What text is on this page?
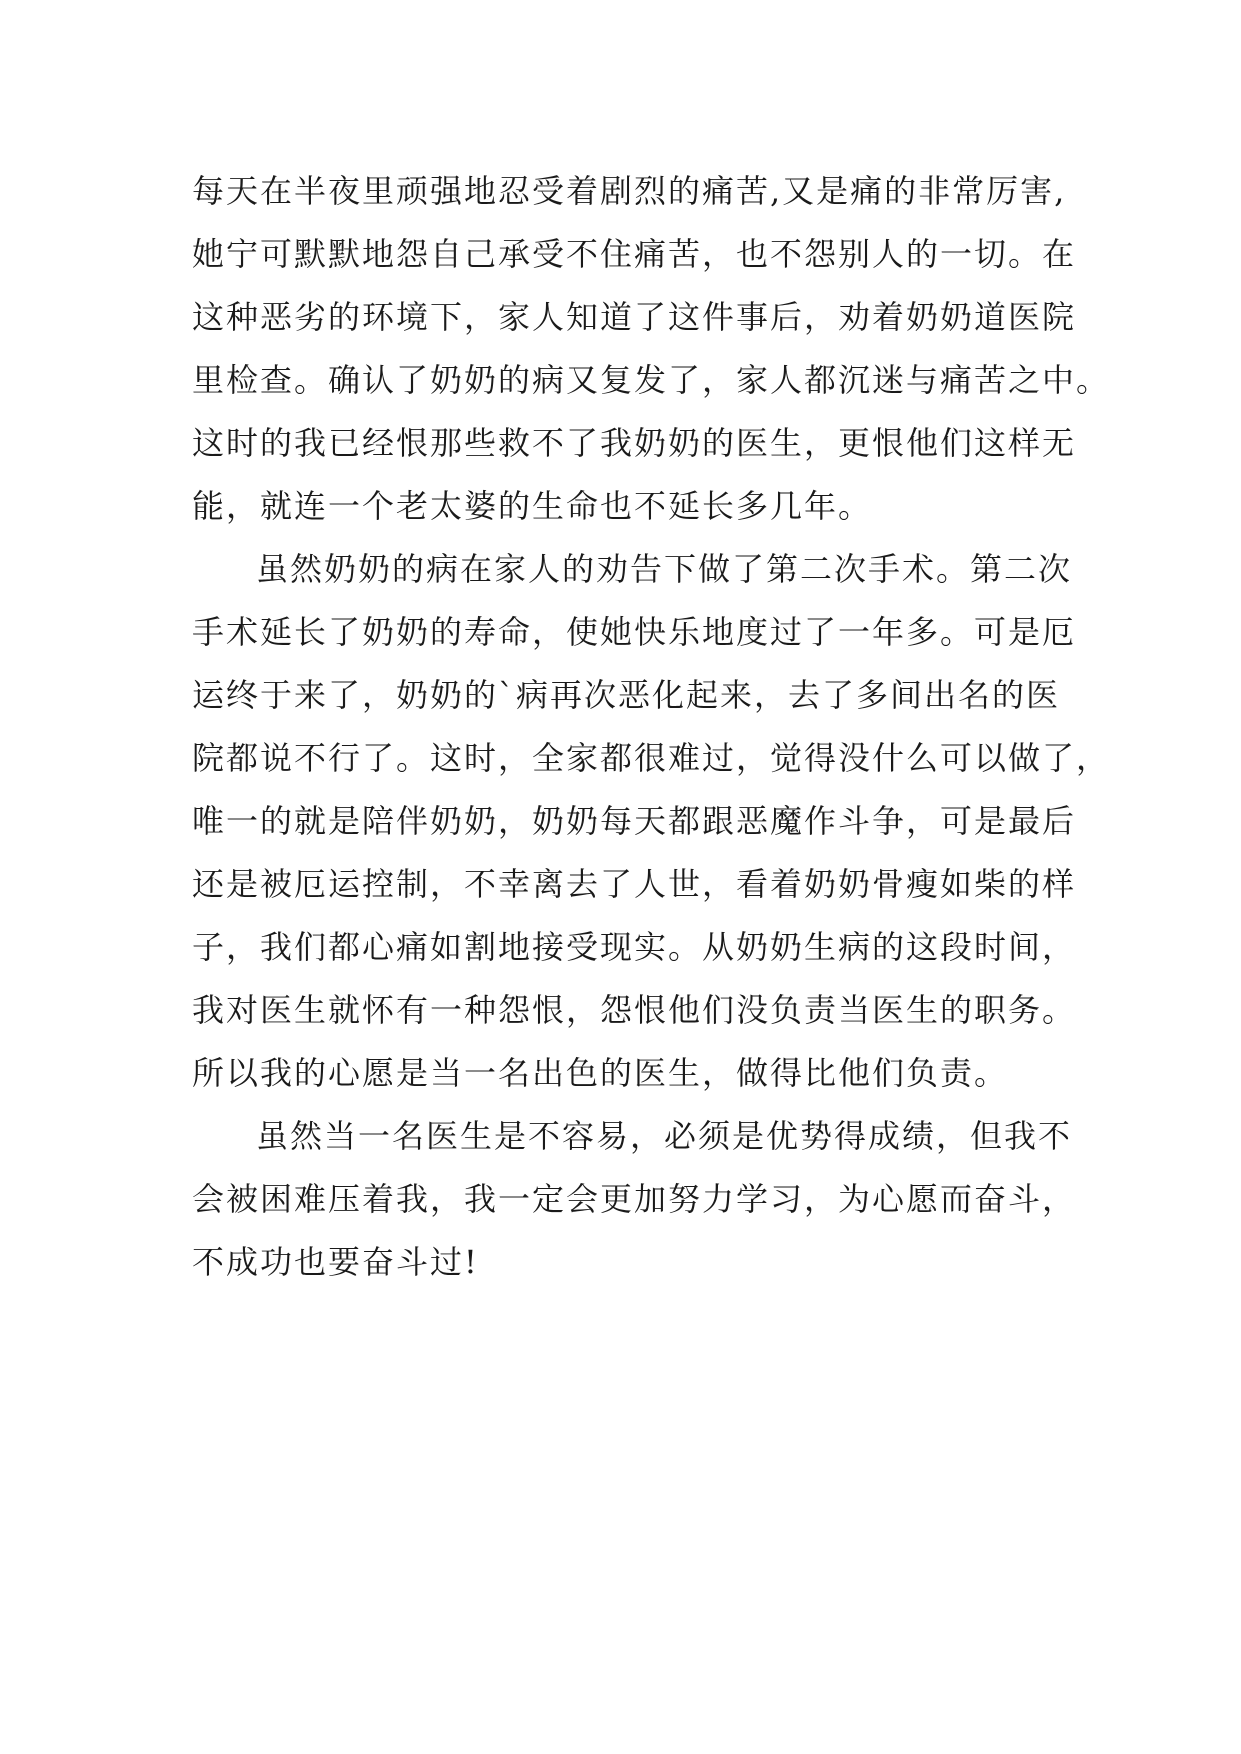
每天在半夜里顽强地忍受着剧烈的痛苦,又是痛的非常厉害,
她宁可默默地怨自己承受不住痛苦，也不怨别人的一切。在
这种恶劣的环境下，家人知道了这件事后，劝着奶奶道医院
里检查。确认了奶奶的病又复发了，家人都沉迷与痛苦之中。
这时的我已经恨那些救不了我奶奶的医生，更恨他们这样无
能，就连一个老太婆的生命也不延长多几年。
虽然奶奶的病在家人的劝告下做了第二次手术。第二次
手术延长了奶奶的寿命，使她快乐地度过了一年多。可是厄
运终于来了，奶奶的`病再次恶化起来，去了多间出名的医
院都说不行了。这时，全家都很难过，觉得没什么可以做了，
唯一的就是陪伴奶奶，奶奶每天都跟恶魔作斗争，可是最后
还是被厄运控制，不幸离去了人世，看着奶奶骨瘦如柴的样
子，我们都心痛如割地接受现实。从奶奶生病的这段时间，
我对医生就怀有一种怨恨，怨恨他们没负责当医生的职务。
所以我的心愿是当一名出色的医生，做得比他们负责。
虽然当一名医生是不容易，必须是优势得成绩，但我不
会被困难压着我，我一定会更加努力学习，为心愿而奋斗，
不成功也要奋斗过!
